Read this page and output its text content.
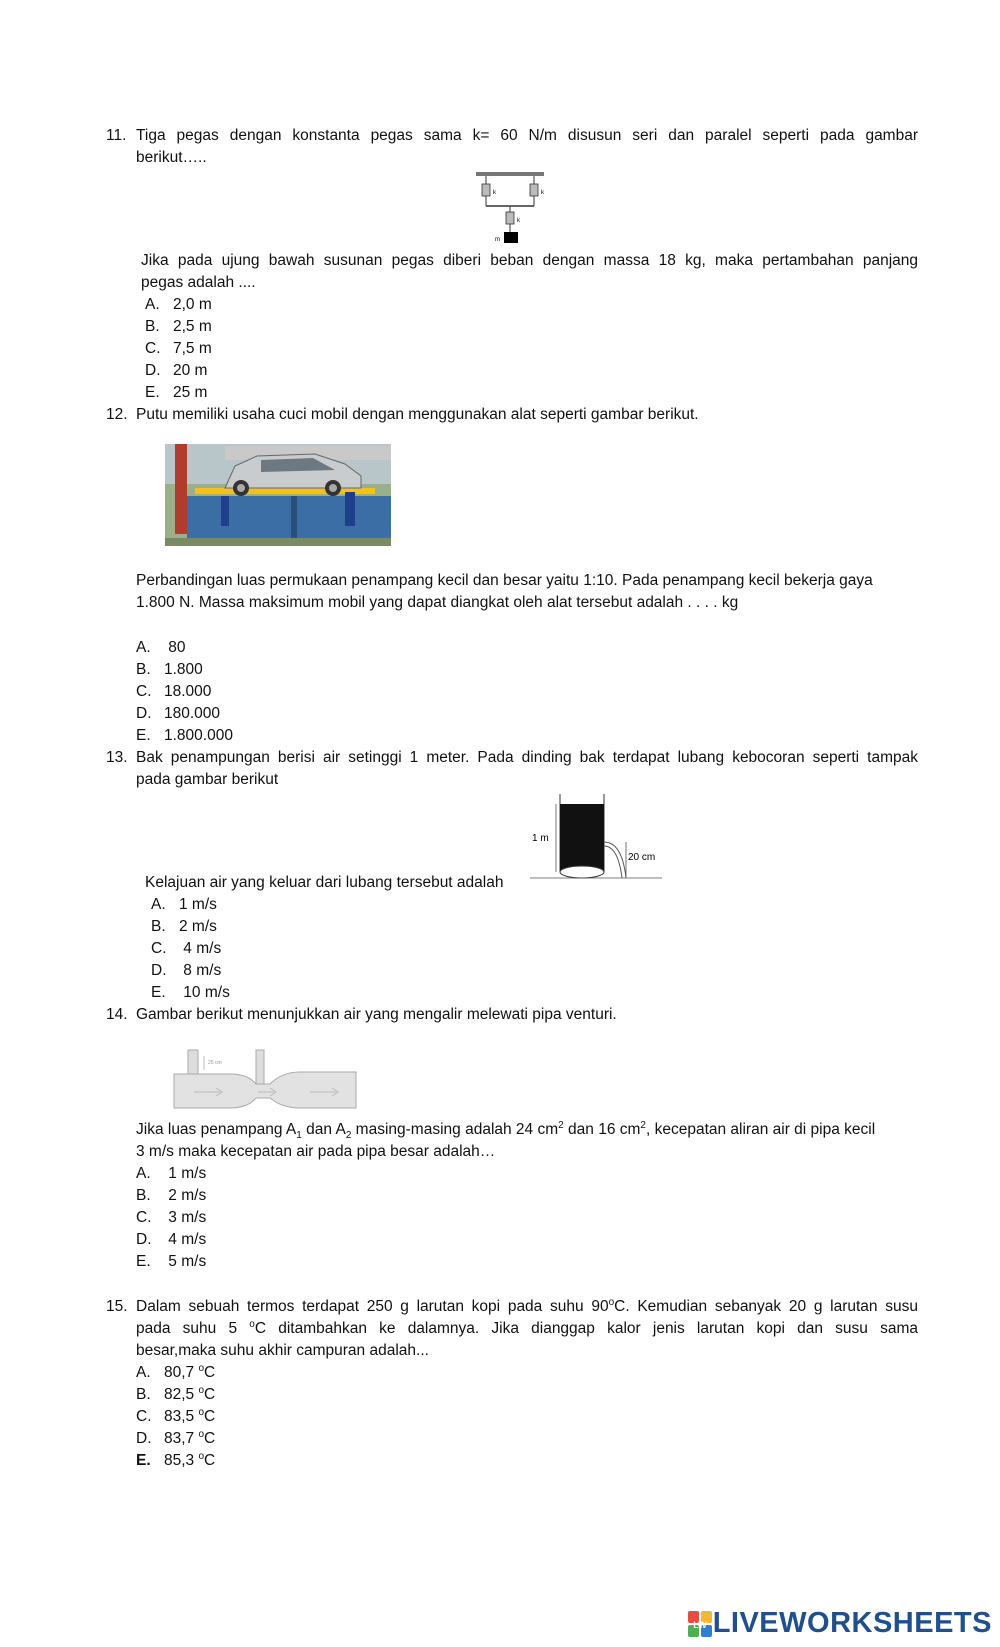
11. Tiga pegas dengan konstanta pegas sama k= 60 N/m disusun seri dan paralel seperti pada gambar
berikut…..
k	k
k
m
Jika pada ujung bawah susunan pegas diberi beban dengan massa 18 kg, maka pertambahan panjang
pegas adalah ....
A. 2,0 m
B. 2,5 m
C. 7,5 m
D. 20 m
E. 25 m
12. Putu memiliki usaha cuci mobil dengan menggunakan alat seperti gambar berikut.
Perbandingan luas permukaan penampang kecil dan besar yaitu 1:10. Pada penampang kecil bekerja gaya
1.800 N. Massa maksimum mobil yang dapat diangkat oleh alat tersebut adalah . . . . kg
A. 80
B. 1.800
C. 18.000
D. 180.000
E. 1.800.000
13. Bak penampungan berisi air setinggi 1 meter. Pada dinding bak terdapat lubang kebocoran seperti tampak
pada gambar berikut
1 m
20 cm
Kelajuan air yang keluar dari lubang tersebut adalah
A. 1 m/s
B. 2 m/s
C. 4 m/s
D. 8 m/s
E. 10 m/s
14. Gambar berikut menunjukkan air yang mengalir melewati pipa venturi.
25 cm
Jika luas penampang $A_1$ dan $A_2$ masing-masing adalah 24 $cm^2$ dan 16 $cm^2$, kecepatan aliran air di pipa kecil
3 m/s maka kecepatan air pada pipa besar adalah…
A. 1 m/s
B. 2 m/s
C. 3 m/s
D. 4 m/s
E. 5 m/s
15. Dalam sebuah termos terdapat 250 g larutan kopi pada suhu 90$^o$C. Kemudian sebanyak 20 g larutan susu
pada suhu 5 $^o$C ditambahkan ke dalamnya. Jika dianggap kalor jenis larutan kopi dan susu sama
besar,maka suhu akhir campuran adalah...
A. 80,7 $^o$C
B. 82,5 $^o$C
C. 83,5 $^o$C
D. 83,7 $^o$C
E. 85,3 $^o$C
LW LIVEWORKSHEETS
